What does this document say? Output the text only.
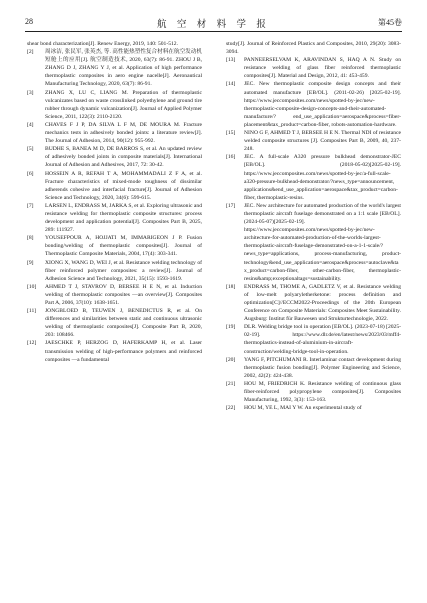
28	航 空 材 料 学 报	第45卷
shear bond characterization[J]. Renew Energy, 2019, 140: 501-512.
[2] 周冰洁, 张民军, 张英杰, 等. 高性能热塑性复合材料在航空发动机短舱上的应用[J]. 航空制造技术, 2020, 63(7): 86-91. ZHOU J B, ZHANG D J, ZHANG Y J, et al. Application of high performance thermoplastic composites in aero engine nacelle[J]. Aeronautical Manufacturing Technology, 2020, 63(7): 86-91.
[3] ZHANG X, LU C, LIANG M. Preparation of thermoplastic vulcanizates based on waste crosslinked polyethylene and ground tire rubber through dynamic vulcanization[J]. Journal of Applied Polymer Science, 2011, 122(3): 2110-2120.
[4] CHAVES F J P, DA SILVA L F M, DE MOURA M. Fracture mechanics tests in adhesively bonded joints: a literature review[J]. The Journal of Adhesion, 2014, 90(12): 955-992.
[5] BUDHE S, BANEA M D, DE BARROS S, et al. An updated review of adhesively bonded joints in composite materials[J]. International Journal of Adhesion and Adhesives, 2017, 72: 30-42.
[6] HOSSEIN A R, REFAH T A, MOHAMMADALI Z F A, et al. Fracture characteristics of mixed-mode toughness of dissimilar adherends cohesive and interfacial fracture[J]. Journal of Adhesion Science and Technology, 2020, 34(6): 599-615.
[7] LARSEN L, ENDRASS M, JARKA S, et al. Exploring ultrasonic and resistance welding for thermoplastic composite structures: process development and application potential[J]. Composites Part B, 2025, 289: 111927.
[8] YOUSEFPOUR A, HOJJATI M, IMMARIGEON J P. Fusion bonding/welding of thermoplastic composites[J]. Journal of Thermoplastic Composite Materials, 2004, 17(4): 303-341.
[9] XIONG X, WANG D, WEI J, et al. Resistance welding technology of fiber reinforced polymer composites: a review[J]. Journal of Adhesion Science and Technology, 2021, 35(15): 1593-1619.
[10] AHMED T J, STAVROV D, BERSEE H E N, et al. Induction welding of thermoplastic composites —an overview[J]. Composites Part A, 2006, 37(10): 1638-1651.
[11] JONGBLOED B, TEUWEN J, BENEDICTUS R, et al. On differences and similarities between static and continuous ultrasonic welding of thermoplastic composites[J]. Composite Part B, 2020, 203: 108466.
[12] JAESCHKE P, HERZOG D, HAFERKAMP H, et al. Laser transmission welding of high-performance polymers and reinforced composites —a fundamental
study[J]. Journal of Reinforced Plastics and Composites, 2010, 29(20): 3083-3094.
[13] PANNEERSELVAM K, ARAVINDAN S, HAQ A N. Study on resistance welding of glass fiber reinforced thermoplastic composites[J]. Material and Design, 2012, 41: 453-459.
[14] JEC. New thermoplastic composite design concepts and their automated manufacture [EB/OL]. (2011-02-26) [2025-02-19]. https://www.jeccomposites.com/news/spotted-by-jec/new-thermoplastic-composite-design-concepts-and-their-automated-manufacture/? end_use_application=aerospace&process=fiber-placement&tax_product=carbon-fiber, robots-automation-hardware.
[15] NINO G F, AHMED T J, BERSEE H E N. Thermal NDI of resistance welded composite structures [J]. Composites Part B, 2009, 40, 237-248.
[16] JEC. A full-scale A320 pressure bulkhead demonstrator-JEC [EB/OL]. (2018-05-02)[2025-02-19]. https://www.jeccomposites.com/news/spotted-by-jec/a-full-scale-a320-pressure-bulkhead-demonstrator/?news_type=announcement, applications&end_use_application=aerospace&tax_product=carbon-fiber, thermoplastic-resins.
[17] JEC. New architecture for automated production of the world's largest thermoplastic aircraft fuselage demonstrated on a 1:1 scale [EB/OL]. (2024-05-07)[2025-02-19]. https://www.jeccomposites.com/news/spotted-by-jec/new-architecture-for-automated-production-of-the-worlds-largest-thermoplastic-aircraft-fuselage-demonstrated-on-a-1-1-scale/?news_type=applications, process-manufacturing, product-technology&end_use_application=aerospace&process=autoclave&tax_product=carbon-fiber, other-carbon-fiber, thermoplastic-resins&amp;exceptionaltags=sustainability.
[18] ENDRASS M, THOME A, GADLETZ V, et al. Resistance welding of low-melt polyaryletherketone: process definition and optimization[C]//ECCM2022-Proceedings of the 20th European Conference on Composite Materials: Composites Meet Sustainability. Augsburg: Institut für Bauwesen und Strukturtechnologie, 2022.
[19] DLR. Welding bridge tool in operation [EB/OL]. (2023-07-18) [2025-02-19]. https://www.dlr.de/en/latest/news/2023/03/mff4-thermoplastics-instead-of-aluminium-in-aircraft-construction/welding-bridge-tool-in-operation.
[20] YANG F, PITCHUMANI R. Interlaminar contact development during thermoplastic fusion bonding[J]. Polymer Engineering and Science, 2002, 42(2): 424-438.
[21] HOU M, FRIEDRICH K. Resistance welding of continuous glass fiber-reinforced polypropylene composites[J]. Composites Manufacturing, 1992, 3(3): 153-163.
[22] HOU M, YE L, MAI Y W. An experimental study of
